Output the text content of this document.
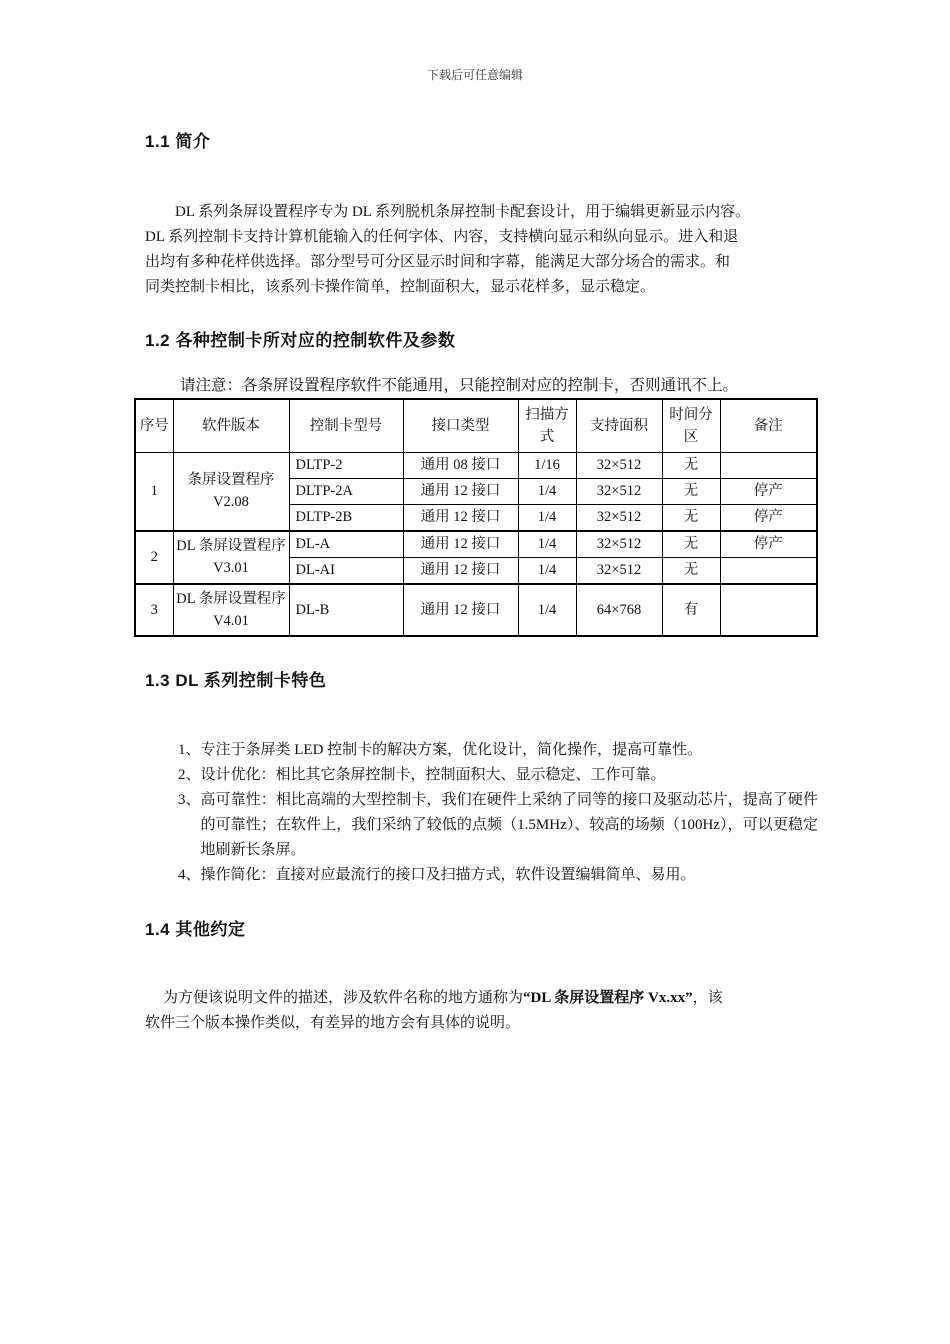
下载后可任意编辑
1.1 简介

DL 系列条屏设置程序专为 DL 系列脱机条屏控制卡配套设计，用于编辑更新显示内容。

DL 系列控制卡支持计算机能输入的任何字体、内容，支持横向显示和纵向显示。进入和退

出均有多种花样供选择。部分型号可分区显示时间和字幕，能满足大部分场合的需求。和

同类控制卡相比，该系列卡操作简单，控制面积大，显示花样多，显示稳定。

1.2 各种控制卡所对应的控制软件及参数
请注意：各条屏设置程序软件不能通用，只能控制对应的控制卡，否则通讯不上。
序号	软件版本	控制卡型号	接口类型	扫描方式	支持面积	时间分区	备注
1	条屏设置程序 V2.08	DLTP-2	通用 08 接口	1/16	32×512	无	
		DLTP-2A	通用 12 接口	1/4	32×512	无	停产
		DLTP-2B	通用 12 接口	1/4	32×512	无	停产
2	DL 条屏设置程序 V3.01	DL-A	通用 12 接口	1/4	32×512	无	停产
		DL-AI	通用 12 接口	1/4	32×512	无	
3	DL 条屏设置程序 V4.01	DL-B	通用 12 接口	1/4	64×768	有	
1.3 DL 系列控制卡特色
1、 专注于条屏类 LED 控制卡的解决方案，优化设计，简化操作，提高可靠性。
2、 设计优化：相比其它条屏控制卡，控制面积大、显示稳定、工作可靠。
3、 高可靠性：相比高端的大型控制卡，我们在硬件上采纳了同等的接口及驱动芯片，提高了硬件的可靠性；在软件上，我们采纳了较低的点频（1.5MHz）、较高的场频（100Hz），可以更稳定地刷新长条屏。
4、 操作简化：直接对应最流行的接口及扫描方式，软件设置编辑简单、易用。
1.4 其他约定

为方便该说明文件的描述，涉及软件名称的地方通称为“DL 条屏设置程序 Vx.xx”，该

软件三个版本操作类似，有差异的地方会有具体的说明。
